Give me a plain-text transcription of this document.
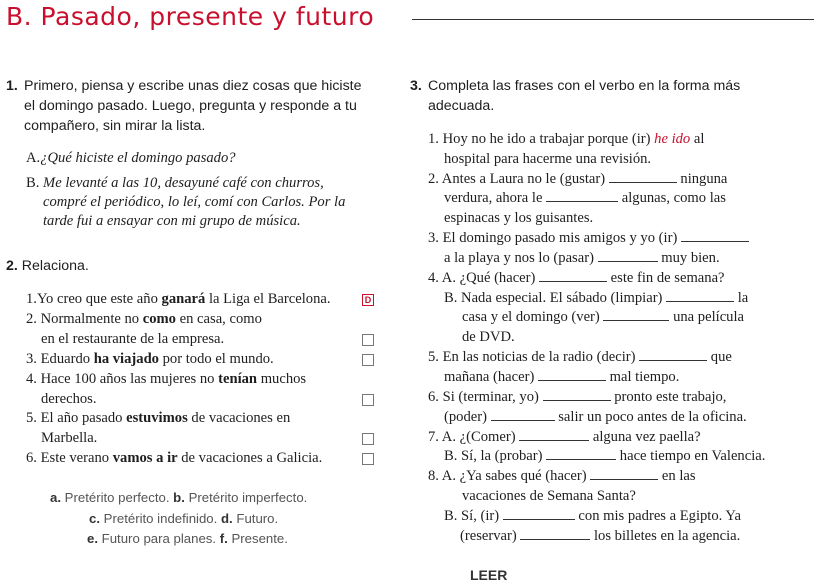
B. Pasado, presente y futuro
1. Primero, piensa y escribe unas diez cosas que hiciste
el domingo pasado. Luego, pregunta y responde a tu
compañero, sin mirar la lista.
A.¿Qué hiciste el domingo pasado?
B. Me levanté a las 10, desayuné café con churros,
compré el periódico, lo leí, comí con Carlos. Por la
tarde fui a ensayar con mi grupo de música.
2. Relaciona.
1.Yo creo que este año ganará la Liga el Barcelona.	D
2. Normalmente no como en casa, como
en el restaurante de la empresa.
3. Eduardo ha viajado por todo el mundo.
4. Hace 100 años las mujeres no tenían muchos
derechos.
5. El año pasado estuvimos de vacaciones en
Marbella.
6. Este verano vamos a ir de vacaciones a Galicia.
a. Pretérito perfecto. b. Pretérito imperfecto.
c. Pretérito indefinido. d. Futuro.
e. Futuro para planes. f. Presente.
3. Completa las frases con el verbo en la forma más
adecuada.
1. Hoy no he ido a trabajar porque (ir) he ido al
hospital para hacerme una revisión.
2. Antes a Laura no le (gustar)	ninguna
verdura, ahora le	algunas, como las
espinacas y los guisantes.
3. El domingo pasado mis amigos y yo (ir)
a la playa y nos lo (pasar)	muy bien.
4. A. ¿Qué (hacer)	este fin de semana?
B. Nada especial. El sábado (limpiar)	la
casa y el domingo (ver)	una película
de DVD.
5. En las noticias de la radio (decir)	que
mañana (hacer)	mal tiempo.
6. Si (terminar, yo)	pronto este trabajo,
(poder)	salir un poco antes de la oficina.
7. A. ¿(Comer)	alguna vez paella?
B. Sí, la (probar)	hace tiempo en Valencia.
8. A. ¿Ya sabes qué (hacer)	en las
vacaciones de Semana Santa?
B. Sí, (ir)	con mis padres a Egipto. Ya
(reservar)	los billetes en la agencia.
LEER
